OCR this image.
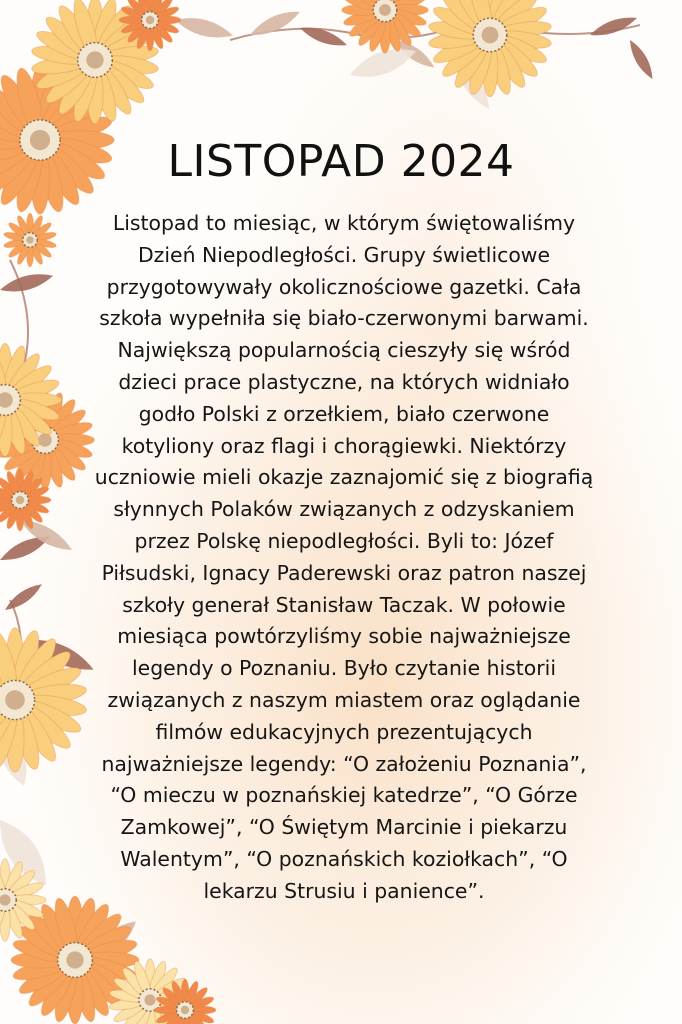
LISTOPAD 2024
Listopad to miesiąc, w którym świętowaliśmy
Dzień Niepodległości. Grupy świetlicowe
przygotowywały okolicznościowe gazetki. Cała
szkoła wypełniła się biało-czerwonymi barwami.
Największą popularnością cieszyły się wśród
dzieci prace plastyczne, na których widniało
godło Polski z orzełkiem, biało czerwone
kotyliony oraz flagi i chorągiewki. Niektórzy
uczniowie mieli okazje zaznajomić się z biografią
słynnych Polaków związanych z odzyskaniem
przez Polskę niepodległości. Byli to: Józef
Piłsudski, Ignacy Paderewski oraz patron naszej
szkoły generał Stanisław Taczak. W połowie
miesiąca powtórzyliśmy sobie najważniejsze
legendy o Poznaniu. Było czytanie historii
związanych z naszym miastem oraz oglądanie
filmów edukacyjnych prezentujących
najważniejsze legendy: “O założeniu Poznania”,
“O mieczu w poznańskiej katedrze”, “O Górze
Zamkowej”, “O Świętym Marcinie i piekarzu
Walentym”, “O poznańskich koziołkach”, “O
lekarzu Strusiu i panience”.
